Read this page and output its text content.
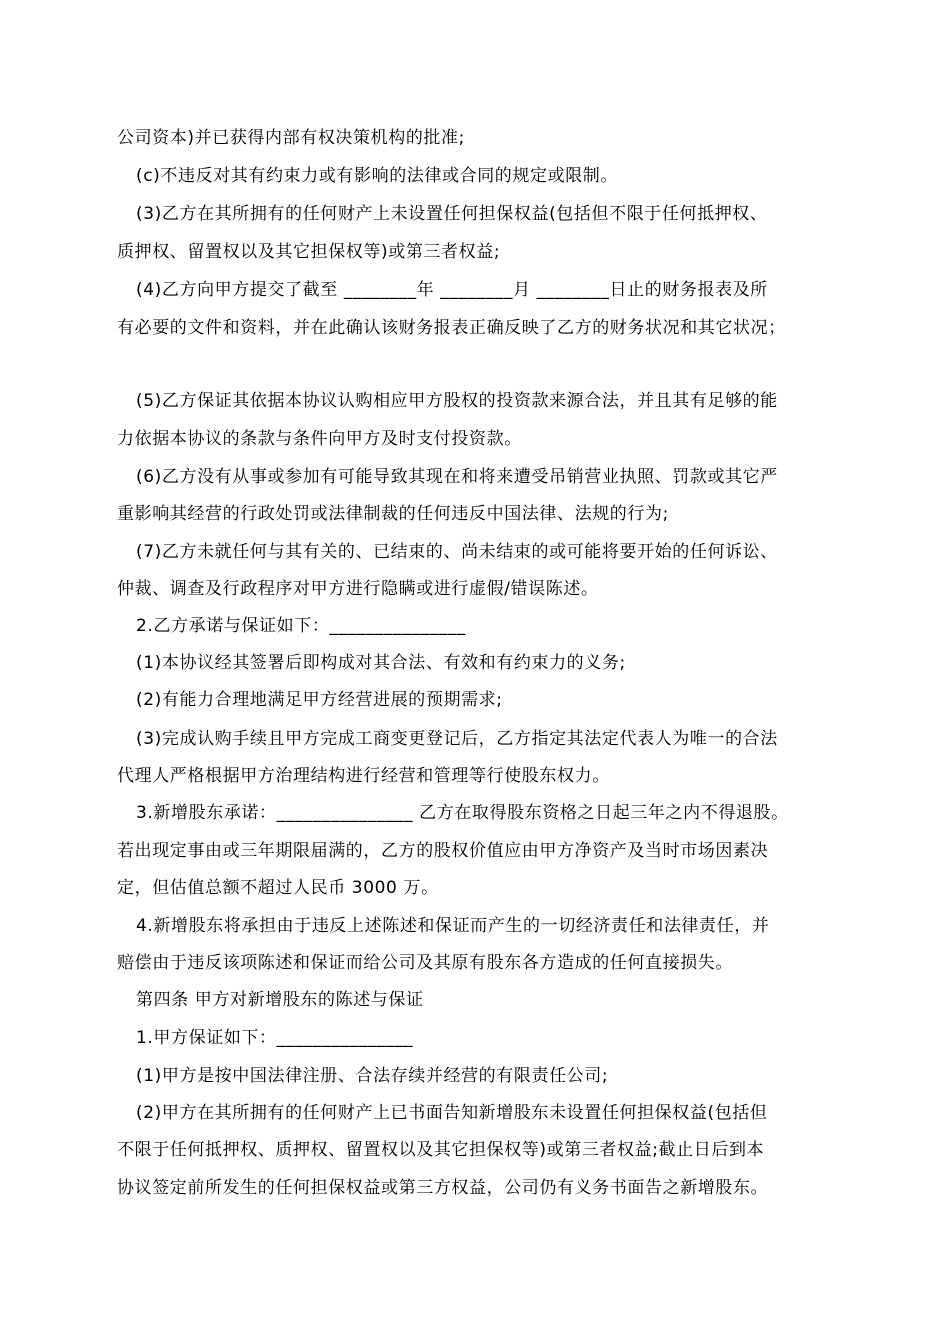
公司资本)并已获得内部有权决策机构的批准;
(c)不违反对其有约束力或有影响的法律或合同的规定或限制。
(3)乙方在其所拥有的任何财产上未设置任何担保权益(包括但不限于任何抵押权、
质押权、留置权以及其它担保权等)或第三者权益;
(4)乙方向甲方提交了截至 ________年 ________月 ________日止的财务报表及所
有必要的文件和资料，并在此确认该财务报表正确反映了乙方的财务状况和其它状况；
(5)乙方保证其依据本协议认购相应甲方股权的投资款来源合法，并且其有足够的能
力依据本协议的条款与条件向甲方及时支付投资款。
(6)乙方没有从事或参加有可能导致其现在和将来遭受吊销营业执照、罚款或其它严
重影响其经营的行政处罚或法律制裁的任何违反中国法律、法规的行为;
(7)乙方未就任何与其有关的、已结束的、尚未结束的或可能将要开始的任何诉讼、
仲裁、调查及行政程序对甲方进行隐瞒或进行虚假/错误陈述。
2.乙方承诺与保证如下：_______________
(1)本协议经其签署后即构成对其合法、有效和有约束力的义务;
(2)有能力合理地满足甲方经营进展的预期需求;
(3)完成认购手续且甲方完成工商变更登记后，乙方指定其法定代表人为唯一的合法
代理人严格根据甲方治理结构进行经营和管理等行使股东权力。
3.新增股东承诺：_______________ 乙方在取得股东资格之日起三年之内不得退股。
若出现定事由或三年期限届满的，乙方的股权价值应由甲方净资产及当时市场因素决
定，但估值总额不超过人民币 3000 万。
4.新增股东将承担由于违反上述陈述和保证而产生的一切经济责任和法律责任，并
赔偿由于违反该项陈述和保证而给公司及其原有股东各方造成的任何直接损失。
第四条 甲方对新增股东的陈述与保证
1.甲方保证如下：_______________
(1)甲方是按中国法律注册、合法存续并经营的有限责任公司;
(2)甲方在其所拥有的任何财产上已书面告知新增股东未设置任何担保权益(包括但
不限于任何抵押权、质押权、留置权以及其它担保权等)或第三者权益;截止日后到本
协议签定前所发生的任何担保权益或第三方权益，公司仍有义务书面告之新增股东。
